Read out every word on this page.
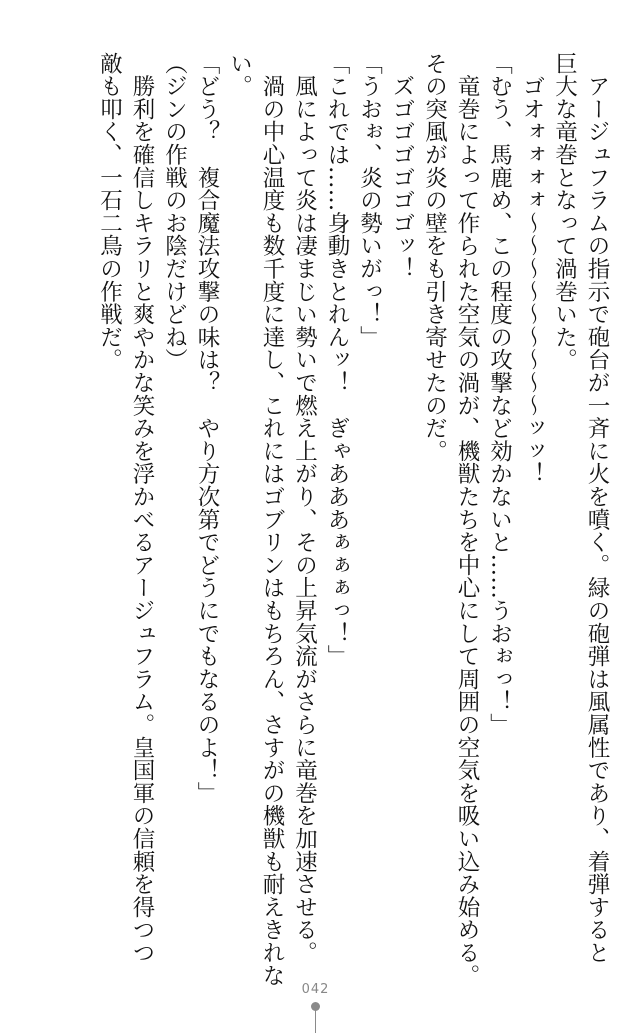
　アージュフラムの指示で砲台が一斉に火を噴く。緑の砲弾は風属性であり、着弾すると
巨大な竜巻となって渦巻いた。
　ゴオォォォォ～～～～～～～～～ッッ！
「むう、馬鹿め、この程度の攻撃など効かないと……うおぉっ！」
　竜巻によって作られた空気の渦が、機獣たちを中心にして周囲の空気を吸い込み始める。
その突風が炎の壁をも引き寄せたのだ。
　ズゴゴゴゴゴゴッ！
「うおぉ、炎の勢いがっ！」
「これでは……身動きとれんッ！　ぎゃあああぁぁぁっ！」
　風によって炎は凄まじい勢いで燃え上がり、その上昇気流がさらに竜巻を加速させる。
　渦の中心温度も数千度に達し、これにはゴブリンはもちろん、さすがの機獣も耐えきれな
い。
「どう？　複合魔法攻撃の味は？　やり方次第でどうにでもなるのよ！」
（ジンの作戦のお陰だけどね）
　勝利を確信しキラリと爽やかな笑みを浮かべるアージュフラム。皇国軍の信頼を得つつ
敵も叩く、一石二鳥の作戦だ。
042
